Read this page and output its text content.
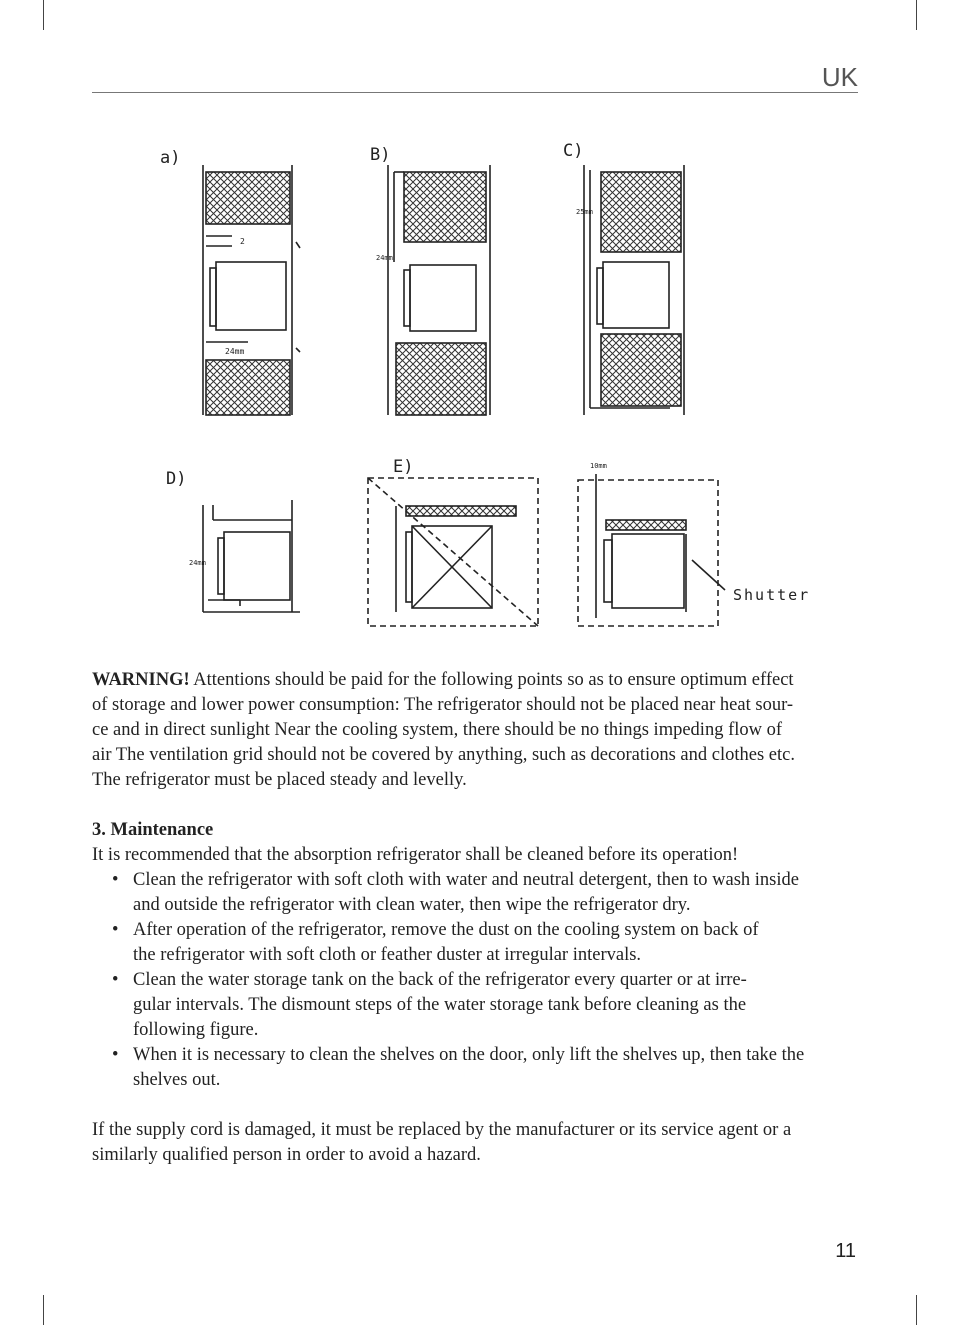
UK
a)	B)	C)
D)
E)
Shutter
2
24mm
24mm
25mm
24mm
10mm

WARNING! Attentions should be paid for the following points so as to ensure optimum effect
of storage and lower power consumption: The refrigerator should not be placed near heat sour-
ce and in direct sunlight Near the cooling system, there should be no things impeding flow of
air The ventilation grid should not be covered by anything, such as decorations and clothes etc.
The refrigerator must be placed steady and levelly.

3. Maintenance

It is recommended that the absorption refrigerator shall be cleaned before its operation!

• Clean the refrigerator with soft cloth with water and neutral detergent, then to wash inside
and outside the refrigerator with clean water, then wipe the refrigerator dry.
• After operation of the refrigerator, remove the dust on the cooling system on back of
the refrigerator with soft cloth or feather duster at irregular intervals.
• Clean the water storage tank on the back of the refrigerator every quarter or at irre-
gular intervals. The dismount steps of the water storage tank before cleaning as the
following figure.
• When it is necessary to clean the shelves on the door, only lift the shelves up, then take the
shelves out.

If the supply cord is damaged, it must be replaced by the manufacturer or its service agent or a
similarly qualified person in order to avoid a hazard.

11
